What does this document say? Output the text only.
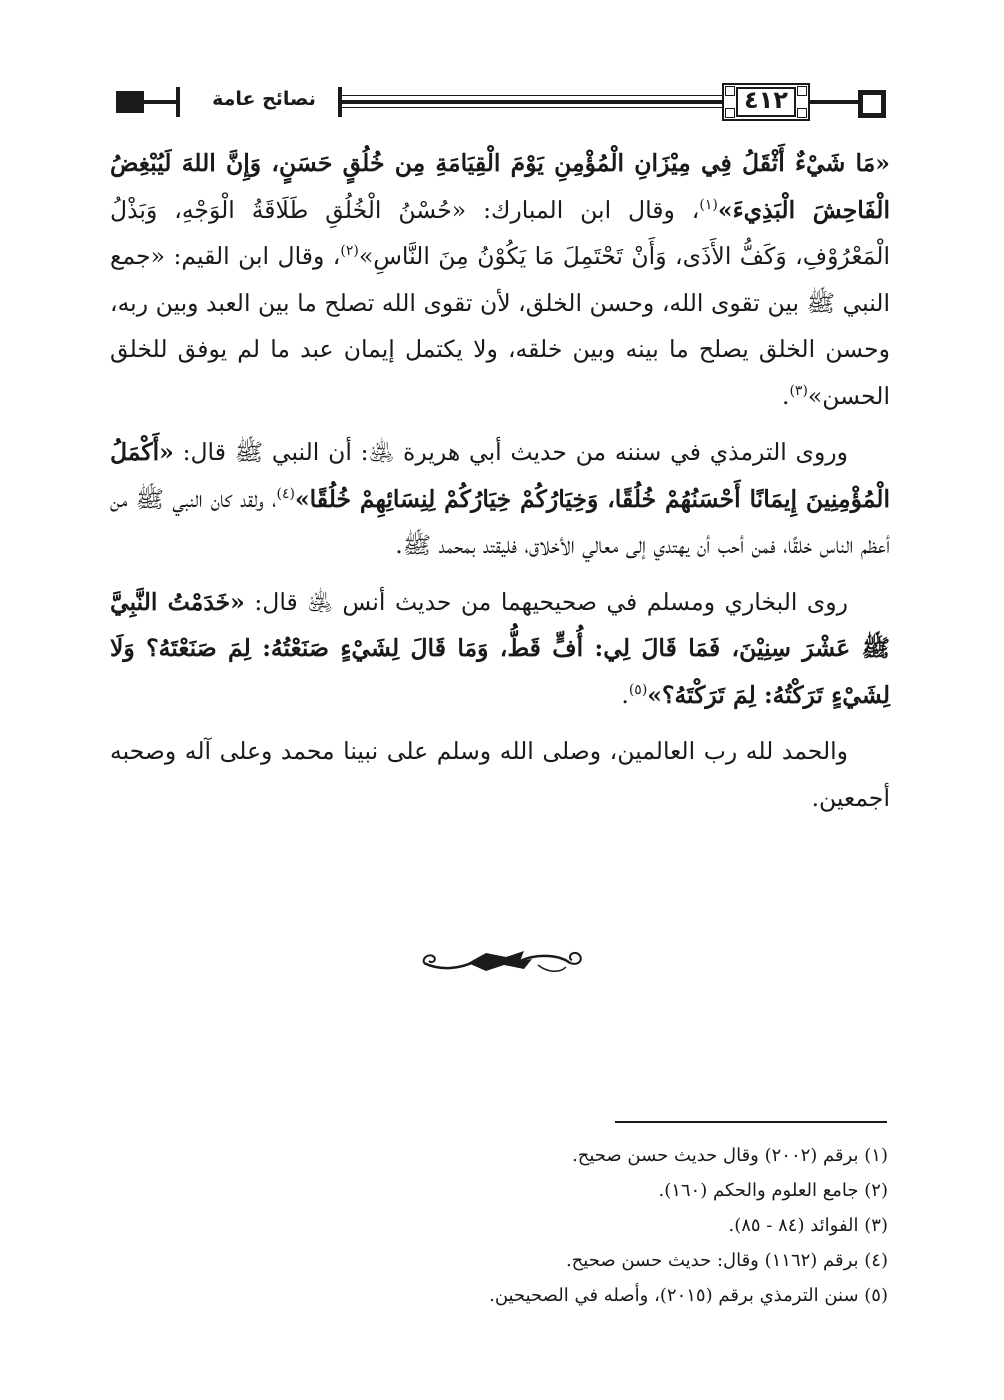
نصائح عامة	٤١٢

«مَا شَيْءٌ أَثْقَلُ فِي مِيْزَانِ الْمُؤْمِنِ يَوْمَ الْقِيَامَةِ مِن خُلُقٍ حَسَنٍ، وَإِنَّ اللهَ لَيُبْغِضُ الْفَاحِشَ الْبَذِيءَ»$^{(١)}$، وقال ابن المبارك: «حُسْنُ الْخُلُقِ طَلَاقَةُ الْوَجْهِ، وَبَذْلُ الْمَعْرُوْفِ، وَكَفُّ الأَذَى، وَأَنْ تَحْتَمِلَ مَا يَكُوْنُ مِنَ النَّاسِ»$^{(٢)}$، وقال ابن القيم: «جمع النبي ﷺ بين تقوى الله، وحسن الخلق، لأن تقوى الله تصلح ما بين العبد وبين ربه، وحسن الخلق يصلح ما بينه وبين خلقه، ولا يكتمل إيمان عبد ما لم يوفق للخلق الحسن»$^{(٣)}$.

وروى الترمذي في سننه من حديث أبي هريرة ﵁: أن النبي ﷺ قال: «أَكْمَلُ الْمُؤْمِنِينَ إِيمَانًا أَحْسَنُهُمْ خُلُقًا، وَخِيَارُكُمْ خِيَارُكُمْ لِنِسَائِهِمْ خُلُقًا»$^{(٤)}$، ولقد كان النبي ﷺ من أعظم الناس خلقًا، فمن أحب أن يهتدي إلى معالي الأخلاق، فليقتد بمحمد ﷺ.

روى البخاري ومسلم في صحيحيهما من حديث أنس ﵁ قال: «خَدَمْتُ النَّبِيَّ ﷺ عَشْرَ سِنِيْنَ، فَمَا قَالَ لِي: أُفٍّ قَطُّ، وَمَا قَالَ لِشَيْءٍ صَنَعْتُهُ: لِمَ صَنَعْتَهُ؟ وَلَا لِشَيْءٍ تَرَكْتُهُ: لِمَ تَرَكْتَهُ؟»$^{(٥)}$.

والحمد لله رب العالمين، وصلى الله وسلم على نبينا محمد وعلى آله وصحبه أجمعين.

(١) برقم (٢٠٠٢) وقال حديث حسن صحيح.

(٢) جامع العلوم والحكم (١٦٠).

(٣) الفوائد (٨٤ - ٨٥).

(٤) برقم (١١٦٢) وقال: حديث حسن صحيح.

(٥) سنن الترمذي برقم (٢٠١٥)، وأصله في الصحيحين.
